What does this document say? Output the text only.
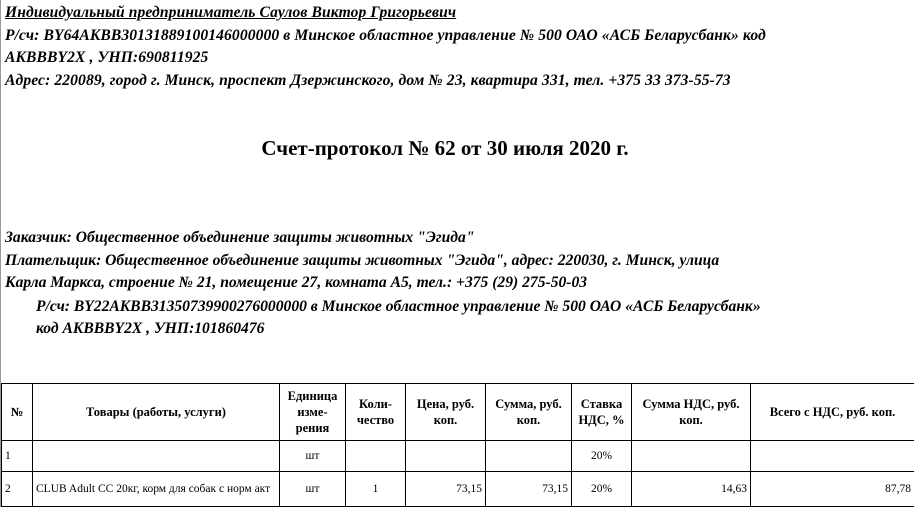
Индивидуальный предприниматель Саулов Виктор Григорьевич
Р/сч: BY64AKBB30131889100146000000 в Минское областное управление № 500 ОАО «АСБ Беларусбанк» код
AKBBBY2X , УНП:690811925
Адрес: 220089, город г. Минск, проспект Дзержинского, дом № 23, квартира 331, тел. +375 33 373-55-73
Счет-протокол № 62 от 30 июля 2020 г.
Заказчик: Общественное объединение защиты животных "Эгида"
Плательщик: Общественное объединение защиты животных "Эгида", адрес: 220030, г. Минск, улица
Карла Маркса, строение № 21, помещение 27, комната А5, тел.: +375 (29) 275-50-03
Р/сч: BY22AKBB31350739900276000000 в Минское областное управление № 500 ОАО «АСБ Беларусбанк»
код AKBBBY2X , УНП:101860476
№	Товары (работы, услуги)	Единица изме-рения	Коли-чество	Цена, руб. коп.	Сумма, руб. коп.	Ставка НДС, %	Сумма НДС, руб. коп.	Всего с НДС, руб. коп.
1		шт				20%		
2	CLUB Adult CC 20кг, корм для собак с норм акт	шт	1	73,15	73,15	20%	14,63	87,78
